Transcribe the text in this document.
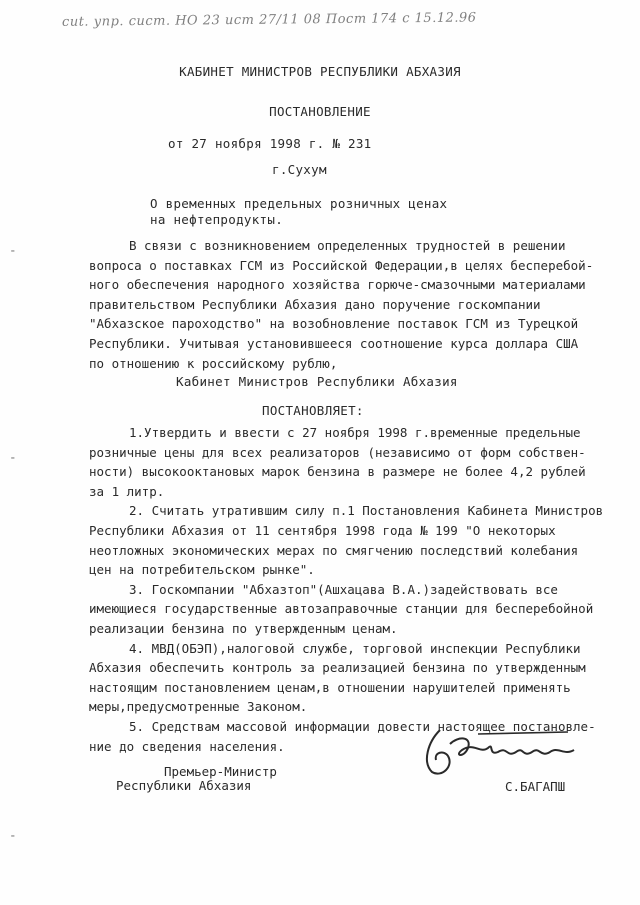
cut. упр. сист. НО 23 ист 27/11 08 Пост 174 с 15.12.96
⁃
⁃
⁃
КАБИНЕТ МИНИСТРОВ РЕСПУБЛИКИ АБХАЗИЯ
ПОСТАНОВЛЕНИЕ
от 27 ноября 1998 г. № 231
г.Сухум
О временных предельных розничных ценах
на нефтепродукты.
В связи с возникновением определенных трудностей в решении
вопроса о поставках ГСМ из Российской Федерации,в целях бесперебой-
ного обеспечения народного хозяйства горюче-смазочными материалами
правительством Республики Абхазия дано поручение госкомпании
"Абхазское пароходство" на возобновление поставок ГСМ из Турецкой
Республики. Учитывая установившееся соотношение курса доллара США
по отношению к российскому рублю,
Кабинет Министров Республики Абхазия
ПОСТАНОВЛЯЕТ:
1.Утвердить и ввести с 27 ноября 1998 г.временные предельные
розничные цены для всех реализаторов (независимо от форм собствен-
ности) высокооктановых марок бензина в размере не более 4,2 рублей
за 1 литр.
2. Считать утратившим силу п.1 Постановления Кабинета Министров
Республики Абхазия от 11 сентября 1998 года № 199 "О некоторых
неотложных экономических мерах по смягчению последствий колебания
цен на потребительском рынке".
3. Госкомпании "Абхазтоп"(Ашхацава В.А.)задействовать все
имеющиеся государственные автозаправочные станции для бесперебойной
реализации бензина по утвержденным ценам.
4. МВД(ОБЭП),налоговой службе, торговой инспекции Республики
Абхазия обеспечить контроль за реализацией бензина по утвержденным
настоящим постановлением ценам,в отношении нарушителей применять
меры,предусмотренные Законом.
5. Средствам массовой информации довести настоящее постановле-
ние до сведения населения.
Премьер-Министр
Республики Абхазия	С.БАГАПШ
